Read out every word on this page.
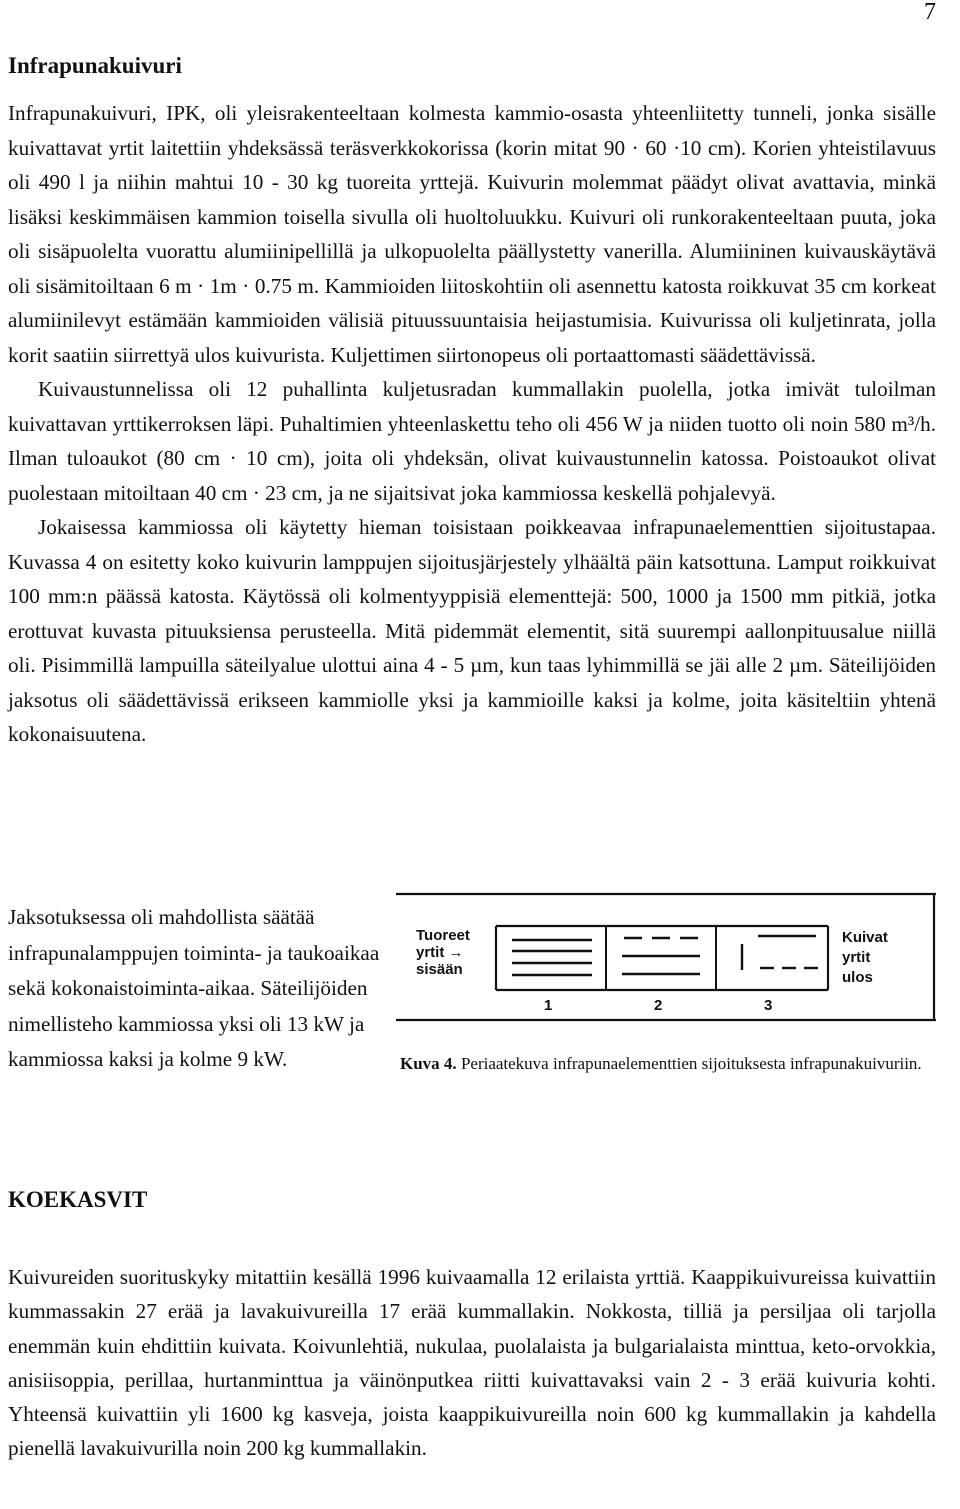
7
Infrapunakuivuri

Infrapunakuivuri, IPK, oli yleisrakenteeltaan kolmesta kammio-osasta yhteenliitetty tunneli, jonka sisälle kuivattavat yrtit laitettiin yhdeksässä teräsverkkokorissa (korin mitat 90 · 60 ·10 cm). Korien yhteistilavuus oli 490 l ja niihin mahtui 10 - 30 kg tuoreita yrttejä. Kuivurin molemmat päädyt olivat avattavia, minkä lisäksi keskimmäisen kammion toisella sivulla oli huoltoluukku. Kuivuri oli runkorakenteeltaan puuta, joka oli sisäpuolelta vuorattu alumiinipellillä ja ulkopuolelta päällystetty vanerilla. Alumiininen kuivauskäytävä oli sisämitoiltaan 6 m · 1m · 0.75 m. Kammioiden liitoskohtiin oli asennettu katosta roikkuvat 35 cm korkeat alumiinilevyt estämään kammioiden välisiä pituussuuntaisia heijastumisia. Kuivurissa oli kuljetinrata, jolla korit saatiin siirrettyä ulos kuivurista. Kuljettimen siirtonopeus oli portaattomasti säädettävissä.

Kuivaustunnelissa oli 12 puhallinta kuljetusradan kummallakin puolella, jotka imivät tuloilman kuivattavan yrttikerroksen läpi. Puhaltimien yhteenlaskettu teho oli 456 W ja niiden tuotto oli noin 580 m³/h. Ilman tuloaukot (80 cm · 10 cm), joita oli yhdeksän, olivat kuivaustunnelin katossa. Poistoaukot olivat puolestaan mitoiltaan 40 cm · 23 cm, ja ne sijaitsivat joka kammiossa keskellä pohjalevyä.

Jokaisessa kammiossa oli käytetty hieman toisistaan poikkeavaa infrapunaelementtien sijoitustapaa. Kuvassa 4 on esitetty koko kuivurin lamppujen sijoitusjärjestely ylhäältä päin katsottuna. Lamput roikkuivat 100 mm:n päässä katosta. Käytössä oli kolmentyyppisiä elementtejä: 500, 1000 ja 1500 mm pitkiä, jotka erottuvat kuvasta pituuksiensa perusteella. Mitä pidemmät elementit, sitä suurempi aallonpituusalue niillä oli. Pisimmillä lampuilla säteilyalue ulottui aina 4 - 5 µm, kun taas lyhimmillä se jäi alle 2 µm. Säteilijöiden jaksotus oli säädettävissä erikseen kammiolle yksi ja kammioille kaksi ja kolme, joita käsiteltiin yhtenä kokonaisuutena.

Jaksotuksessa oli mahdollista säätää infrapunalamppujen toiminta- ja taukoaikaa sekä kokonaistoiminta-aikaa. Säteilijöiden nimellisteho kammiossa yksi oli 13 kW ja kammiossa kaksi ja kolme 9 kW.

Tuoreet
yrtit →
sisään
Kuivat
yrtit
ulos
1	2	3
Kuva 4. Periaatekuva infrapunaelementtien sijoituksesta infrapunakuivuriin.
KOEKASVIT

Kuivureiden suorituskyky mitattiin kesällä 1996 kuivaamalla 12 erilaista yrttiä. Kaappikuivureissa kuivattiin kummassakin 27 erää ja lavakuivureilla 17 erää kummallakin. Nokkosta, tilliä ja persiljaa oli tarjolla enemmän kuin ehdittiin kuivata. Koivunlehtiä, nukulaa, puolalaista ja bulgarialaista minttua, keto-orvokkia, anisiisoppia, perillaa, hurtanminttua ja väinönputkea riitti kuivattavaksi vain 2 - 3 erää kuivuria kohti. Yhteensä kuivattiin yli 1600 kg kasveja, joista kaappikuivureilla noin 600 kg kummallakin ja kahdella pienellä lavakuivurilla noin 200 kg kummallakin.
